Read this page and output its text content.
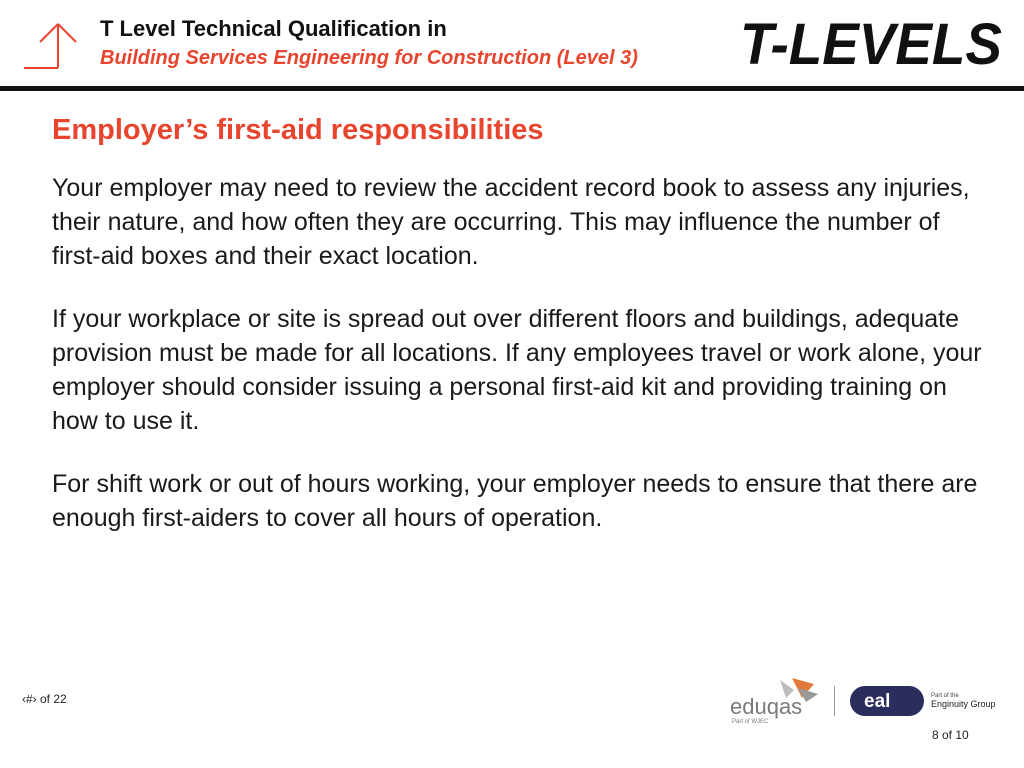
T Level Technical Qualification in
Building Services Engineering for Construction (Level 3) T-LEVELS
Employer’s first-aid responsibilities

Your employer may need to review the accident record book to assess any injuries, their nature, and how often they are occurring. This may influence the number of first-aid boxes and their exact location.

If your workplace or site is spread out over different floors and buildings, adequate provision must be made for all locations. If any employees travel or work alone, your employer should consider issuing a personal first-aid kit and providing training on how to use it.

For shift work or out of hours working, your employer needs to ensure that there are enough first-aiders to cover all hours of operation.

‹#› of 22	eduqas
Part of WJEC
eal	Part of the
Enginuity Group
8 of 10
